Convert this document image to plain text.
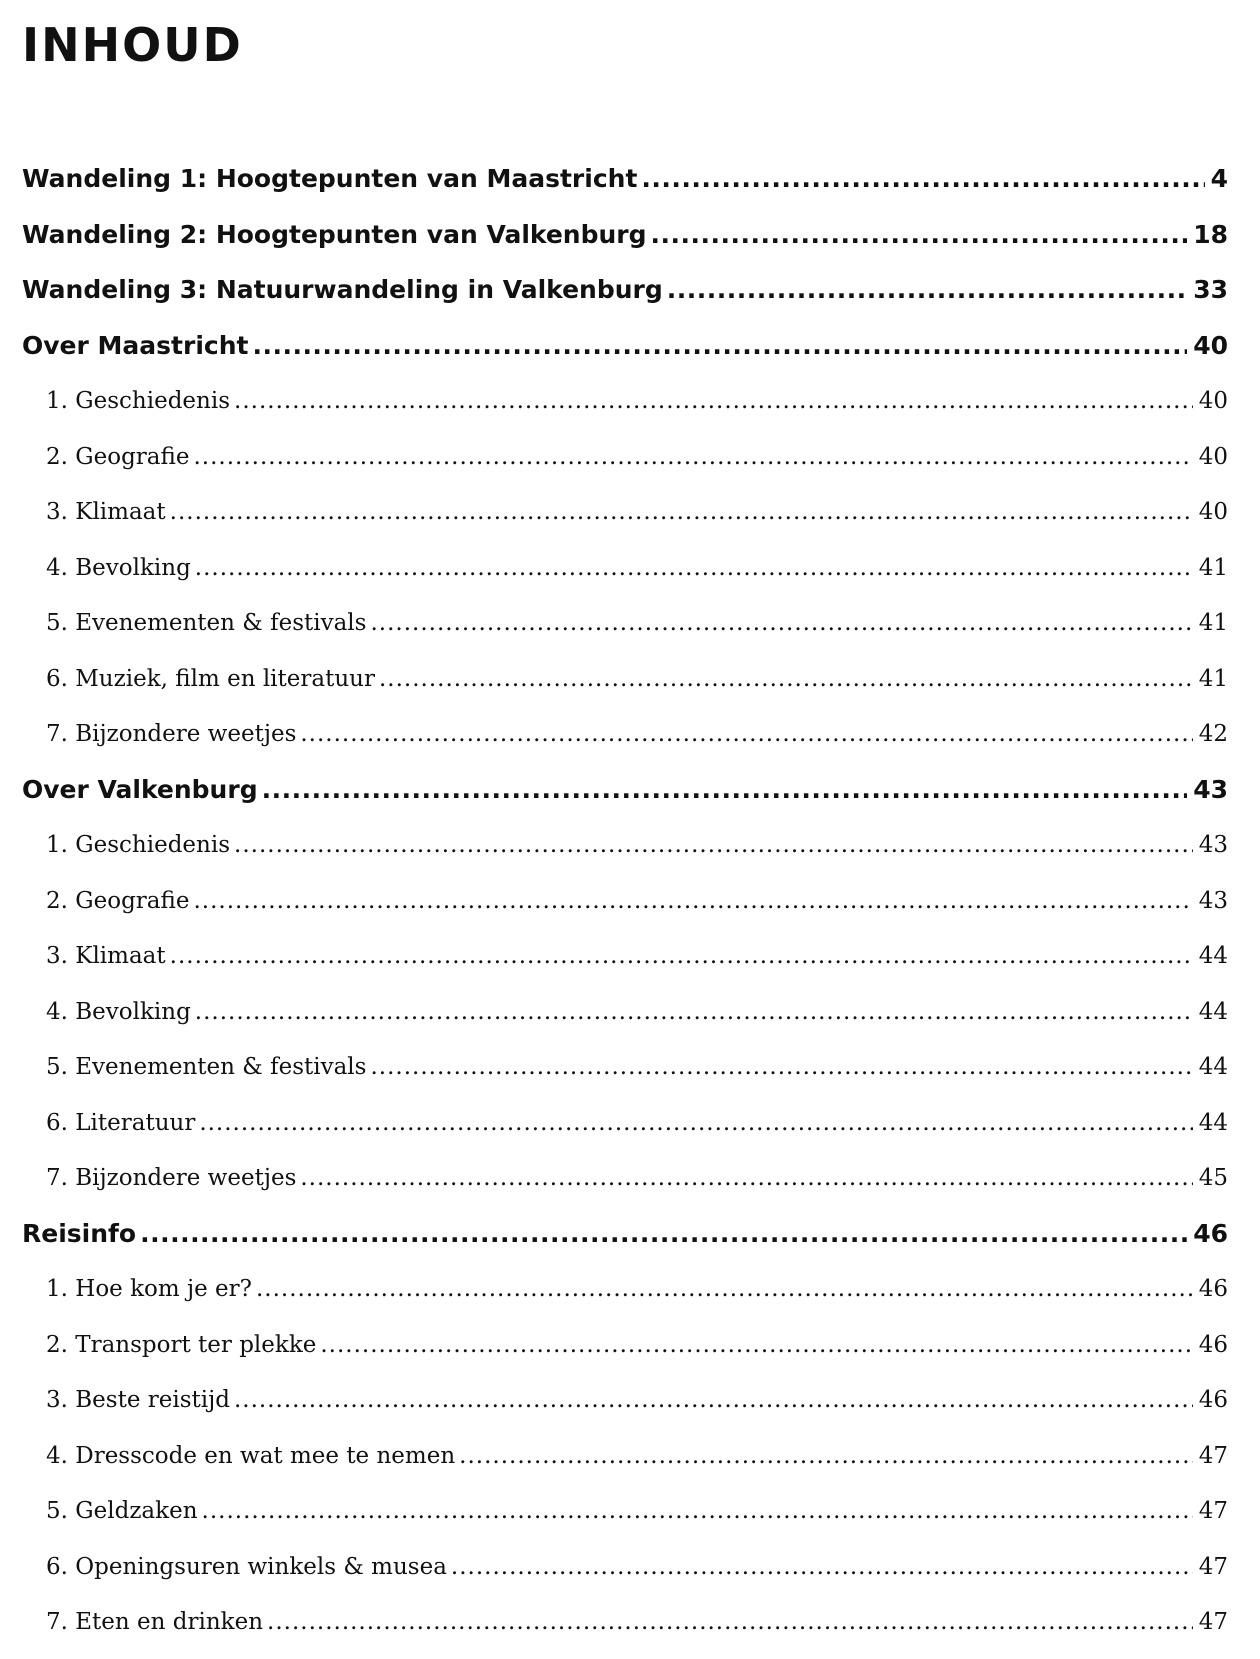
INHOUD
Wandeling 1: Hoogtepunten van Maastricht .....	4
Wandeling 2: Hoogtepunten van Valkenburg .....	18
Wandeling 3: Natuurwandeling in Valkenburg .....	33
Over Maastricht .....	40
1. Geschiedenis .....	40
2. Geografie .....	40
3. Klimaat .....	40
4. Bevolking .....	41
5. Evenementen & festivals .....	41
6. Muziek, film en literatuur .....	41
7. Bijzondere weetjes .....	42
Over Valkenburg .....	43
1. Geschiedenis .....	43
2. Geografie .....	43
3. Klimaat .....	44
4. Bevolking .....	44
5. Evenementen & festivals .....	44
6. Literatuur .....	44
7. Bijzondere weetjes .....	45
Reisinfo .....	46
1. Hoe kom je er? .....	46
2. Transport ter plekke .....	46
3. Beste reistijd .....	46
4. Dresscode en wat mee te nemen .....	47
5. Geldzaken .....	47
6. Openingsuren winkels & musea .....	47
7. Eten en drinken .....	47
